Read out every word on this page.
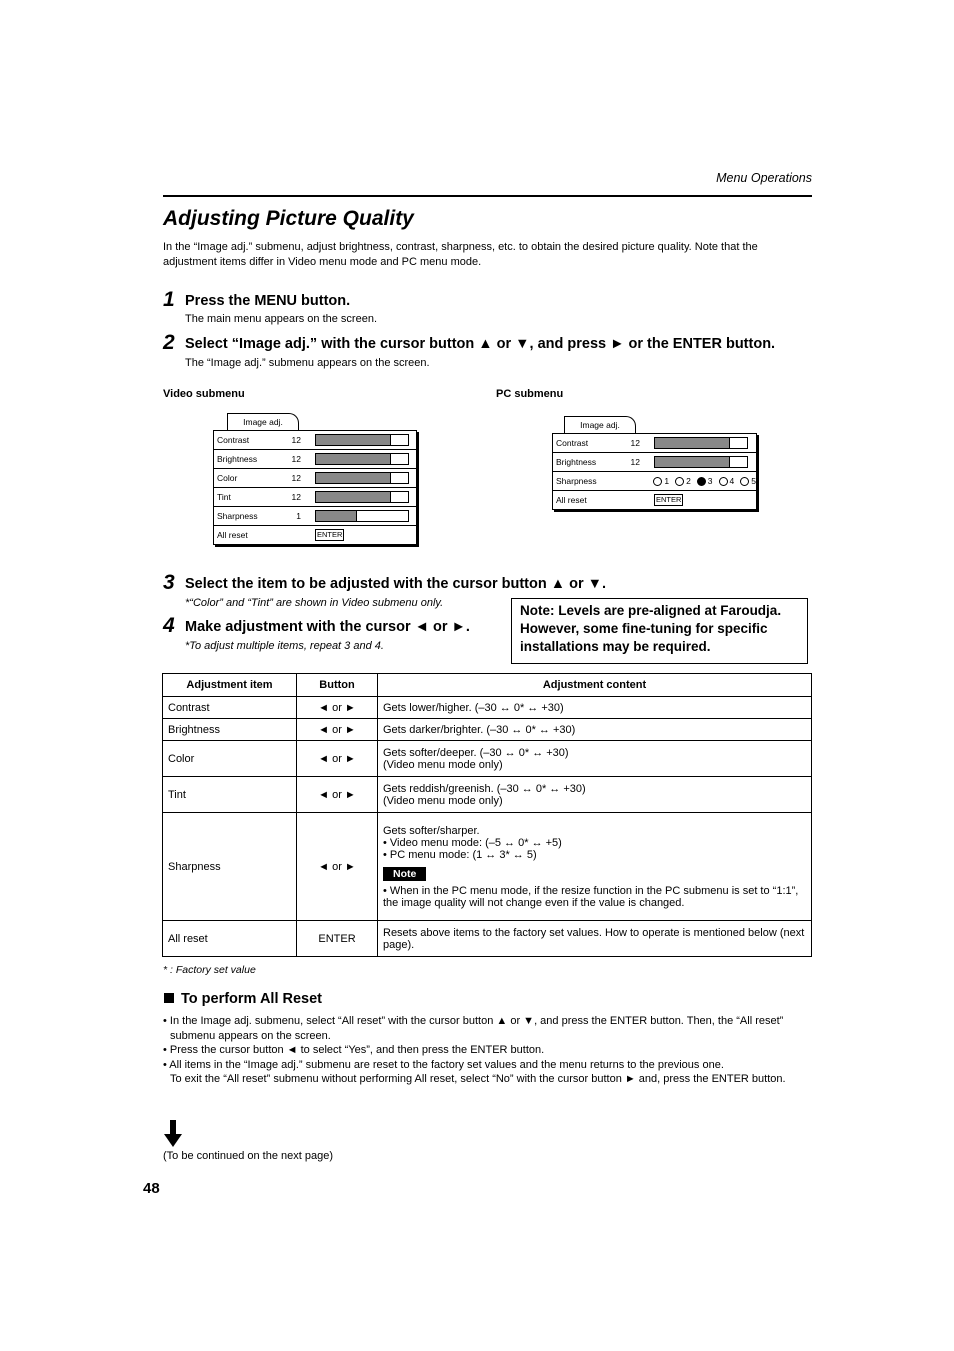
Menu Operations
Adjusting Picture Quality
In the “Image adj.” submenu, adjust brightness, contrast, sharpness, etc. to obtain the desired picture quality. Note that the adjustment items differ in Video menu mode and PC menu mode.
1 Press the MENU button.
The main menu appears on the screen.
2 Select “Image adj.” with the cursor button ▲ or ▼, and press ► or the ENTER button.
The “Image adj.” submenu appears on the screen.
Video submenu
Image adj.
Contrast	12
Brightness	12
Color	12
Tint	12
Sharpness	1
All reset	ENTER
PC submenu
Image adj.
Contrast	12
Brightness	12
Sharpness	1 2 3 4 5
All reset	ENTER
3 Select the item to be adjusted with the cursor button ▲ or ▼.
*“Color” and “Tint” are shown in Video submenu only.
4 Make adjustment with the cursor ◄ or ►.
*To adjust multiple items, repeat 3 and 4.
Note: Levels are pre-aligned at Faroudja.
However, some fine-tuning for specific
installations may be required.
Adjustment item	Button	Adjustment content
Contrast	◄ or ►	Gets lower/higher. (–30 ↔ 0* ↔ +30)
Brightness	◄ or ►	Gets darker/brighter. (–30 ↔ 0* ↔ +30)
Color	◄ or ►	Gets softer/deeper. (–30 ↔ 0* ↔ +30)
(Video menu mode only)

Tint	◄ or ►	Gets reddish/greenish. (–30 ↔ 0* ↔ +30)
(Video menu mode only)

Sharpness	◄ or ►	Gets softer/sharper.
• Video menu mode: (–5 ↔ 0* ↔ +5)
• PC menu mode: (1 ↔ 3* ↔ 5)
Note
• When in the PC menu mode, if the resize function in the PC submenu is set to “1:1”, the image quality will not change even if the value is changed.

All reset	ENTER	Resets above items to the factory set values. How to operate is mentioned below (next page).
* : Factory set value
To perform All Reset
• In the Image adj. submenu, select “All reset” with the cursor button ▲ or ▼, and press the ENTER button. Then, the “All reset” submenu appears on the screen.
• Press the cursor button ◄ to select “Yes”, and then press the ENTER button.
• All items in the “Image adj.” submenu are reset to the factory set values and the menu returns to the previous one.
To exit the “All reset” submenu without performing All reset, select “No” with the cursor button ► and, press the ENTER button.
(To be continued on the next page)
48
